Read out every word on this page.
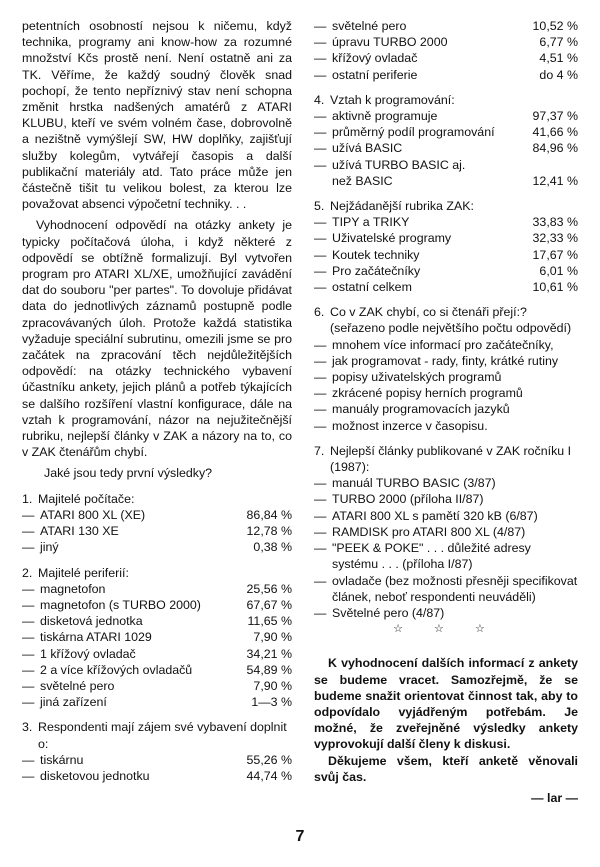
petentních osobností nejsou k ničemu, když technika, programy ani know-how za rozumné množství Kčs prostě není. Není ostatně ani za TK. Věříme, že každý soudný člověk snad pochopí, že tento nepříznivý stav není schopna změnit hrstka nadšených amatérů z ATARI KLUBU, kteří ve svém volném čase, dobrovolně a nezištně vymýšlejí SW, HW doplňky, zajišťují služby kolegům, vytvářejí časopis a další publikační materiály atd. Tato práce může jen částečně tišit tu velikou bolest, za kterou lze považovat absenci výpočetní techniky. . .

Vyhodnocení odpovědí na otázky ankety je typicky počítačová úloha, i když některé z odpovědí se obtížně formalizují. Byl vytvořen program pro ATARI XL/XE, umožňující zavádění dat do souboru "per partes". To dovoluje přidávat data do jednotlivých záznamů postupně podle zpracovávaných úloh. Protože každá statistika vyžaduje speciální subrutinu, omezili jsme se pro začátek na zpracování těch nejdůležitějších odpovědí: na otázky technického vybavení účastníku ankety, jejich plánů a potřeb týkajících se dalšího rozšíření vlastní konfigurace, dále na vztah k programování, názor na nejužitečnější rubriku, nejlepší články v ZAK a názory na to, co v ZAK čtenářům chybí.

Jaké jsou tedy první výsledky?

1. Majitelé počítače:
— ATARI 800 XL (XE)	86,84 %
— ATARI 130 XE	12,78 %
— jiný	0,38 %
2. Majitelé periferií:
— magnetofon	25,56 %
— magnetofon (s TURBO 2000)	67,67 %
— disketová jednotka	11,65 %
— tiskárna ATARI 1029	7,90 %
— 1 křížový ovladač	34,21 %
— 2 a více křížových ovladačů	54,89 %
— světelné pero	7,90 %
— jiná zařízení	1—3 %
3. Respondenti mají zájem své vybavení doplnit o:
— tiskárnu	55,26 %
— disketovou jednotku	44,74 %
— světelné pero	10,52 %
— úpravu TURBO 2000	6,77 %
— křížový ovladač	4,51 %
— ostatní periferie	do 4 %
4. Vztah k programování:
— aktivně programuje	97,37 %
— průměrný podíl programování	41,66 %
— užívá BASIC	84,96 %
— užívá TURBO BASIC aj. než BASIC	12,41 %
5. Nejžádanější rubrika ZAK:
— TIPY a TRIKY	33,83 %
— Uživatelské programy	32,33 %
— Koutek techniky	17,67 %
— Pro začátečníky	6,01 %
— ostatní celkem	10,61 %
6. Co v ZAK chybí, co si čtenáři přejí:? (seřazeno podle největšího počtu odpovědí)
— mnohem více informací pro začátečníky,
— jak programovat - rady, finty, krátké rutiny
— popisy uživatelských programů
— zkrácené popisy herních programů
— manuály programovacích jazyků
— možnost inzerce v časopisu.
7. Nejlepší články publikované v ZAK ročníku I (1987):
— manuál TURBO BASIC (3/87)
— TURBO 2000 (příloha II/87)
— ATARI 800 XL s pamětí 320 kB (6/87)
— RAMDISK pro ATARI 800 XL (4/87)
— "PEEK & POKE" . . . důležité adresy systému . . . (příloha I/87)
— ovladače (bez možnosti přesněji specifikovat článek, neboť respondenti neuváděli)
— Světelné pero (4/87)
☆ ☆ ☆

K vyhodnocení dalších informací z ankety se budeme vracet. Samozřejmě, že se budeme snažit orientovat činnost tak, aby to odpovídalo vyjádřeným potřebám. Je možné, že zveřejněné výsledky ankety vyprovokují další členy k diskusi.

Děkujeme všem, kteří anketě věnovali svůj čas.

— lar —
7
